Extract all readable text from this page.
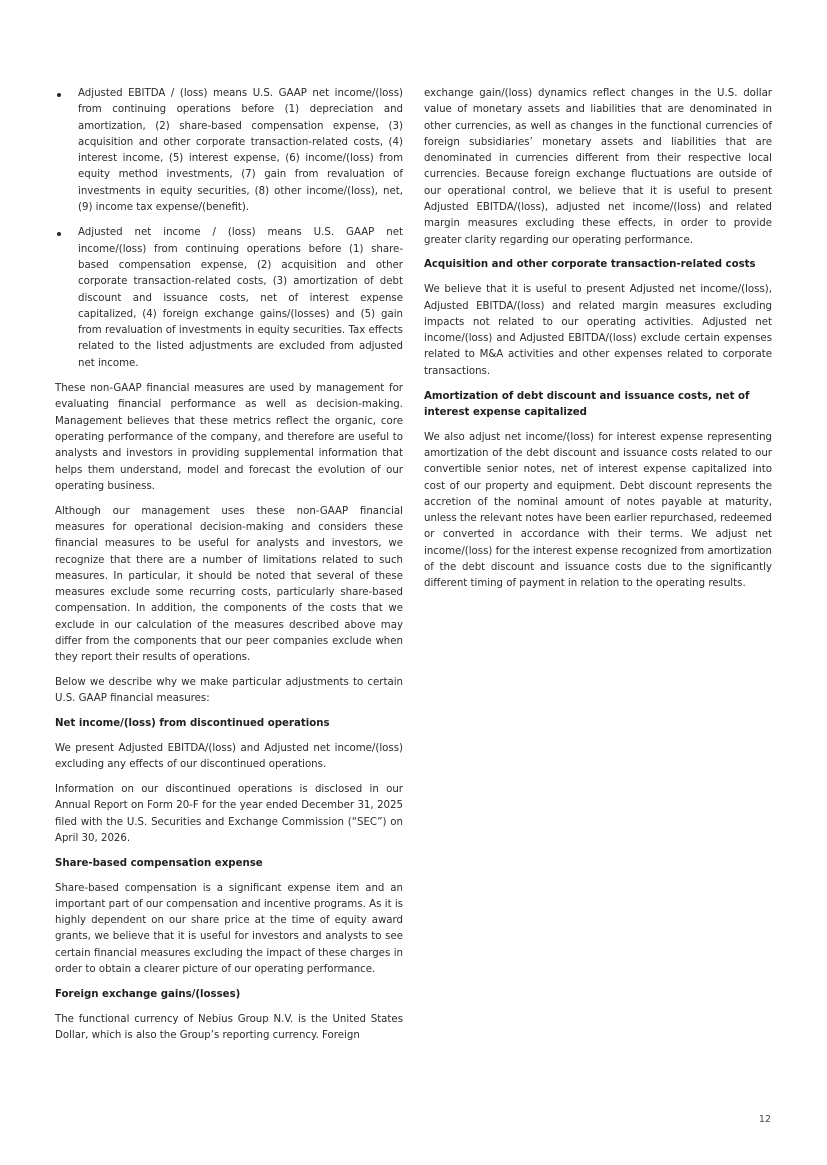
Adjusted EBITDA / (loss) means U.S. GAAP net income/(loss) from continuing operations before (1) depreciation and amortization, (2) share-based compensation expense, (3) acquisition and other corporate transaction-related costs, (4) interest income, (5) interest expense, (6) income/(loss) from equity method investments, (7) gain from revaluation of investments in equity securities, (8) other income/(loss), net, (9) income tax expense/(benefit).
Adjusted net income / (loss) means U.S. GAAP net income/(loss) from continuing operations before (1) share-based compensation expense, (2) acquisition and other corporate transaction-related costs, (3) amortization of debt discount and issuance costs, net of interest expense capitalized, (4) foreign exchange gains/(losses) and (5) gain from revaluation of investments in equity securities. Tax effects related to the listed adjustments are excluded from adjusted net income.

These non-GAAP financial measures are used by management for evaluating financial performance as well as decision-making. Management believes that these metrics reflect the organic, core operating performance of the company, and therefore are useful to analysts and investors in providing supplemental information that helps them understand, model and forecast the evolution of our operating business.

Although our management uses these non-GAAP financial measures for operational decision-making and considers these financial measures to be useful for analysts and investors, we recognize that there are a number of limitations related to such measures. In particular, it should be noted that several of these measures exclude some recurring costs, particularly share-based compensation. In addition, the components of the costs that we exclude in our calculation of the measures described above may differ from the components that our peer companies exclude when they report their results of operations.

Below we describe why we make particular adjustments to certain U.S. GAAP financial measures:

Net income/(loss) from discontinued operations

We present Adjusted EBITDA/(loss) and Adjusted net income/(loss) excluding any effects of our discontinued operations.

Information on our discontinued operations is disclosed in our Annual Report on Form 20-F for the year ended December 31, 2025 filed with the U.S. Securities and Exchange Commission (“SEC”) on April 30, 2026.

Share-based compensation expense

Share-based compensation is a significant expense item and an important part of our compensation and incentive programs. As it is highly dependent on our share price at the time of equity award grants, we believe that it is useful for investors and analysts to see certain financial measures excluding the impact of these charges in order to obtain a clearer picture of our operating performance.

Foreign exchange gains/(losses)

The functional currency of Nebius Group N.V. is the United States Dollar, which is also the Group’s reporting currency. Foreign

exchange gain/(loss) dynamics reflect changes in the U.S. dollar value of monetary assets and liabilities that are denominated in other currencies, as well as changes in the functional currencies of foreign subsidiaries’ monetary assets and liabilities that are denominated in currencies different from their respective local currencies. Because foreign exchange fluctuations are outside of our operational control, we believe that it is useful to present Adjusted EBITDA/(loss), adjusted net income/(loss) and related margin measures excluding these effects, in order to provide greater clarity regarding our operating performance.

Acquisition and other corporate transaction-related costs

We believe that it is useful to present Adjusted net income/(loss), Adjusted EBITDA/(loss) and related margin measures excluding impacts not related to our operating activities. Adjusted net income/(loss) and Adjusted EBITDA/(loss) exclude certain expenses related to M&A activities and other expenses related to corporate transactions.

Amortization of debt discount and issuance costs, net of interest expense capitalized

We also adjust net income/(loss) for interest expense representing amortization of the debt discount and issuance costs related to our convertible senior notes, net of interest expense capitalized into cost of our property and equipment. Debt discount represents the accretion of the nominal amount of notes payable at maturity, unless the relevant notes have been earlier repurchased, redeemed or converted in accordance with their terms. We adjust net income/(loss) for the interest expense recognized from amortization of the debt discount and issuance costs due to the significantly different timing of payment in relation to the operating results.

12
